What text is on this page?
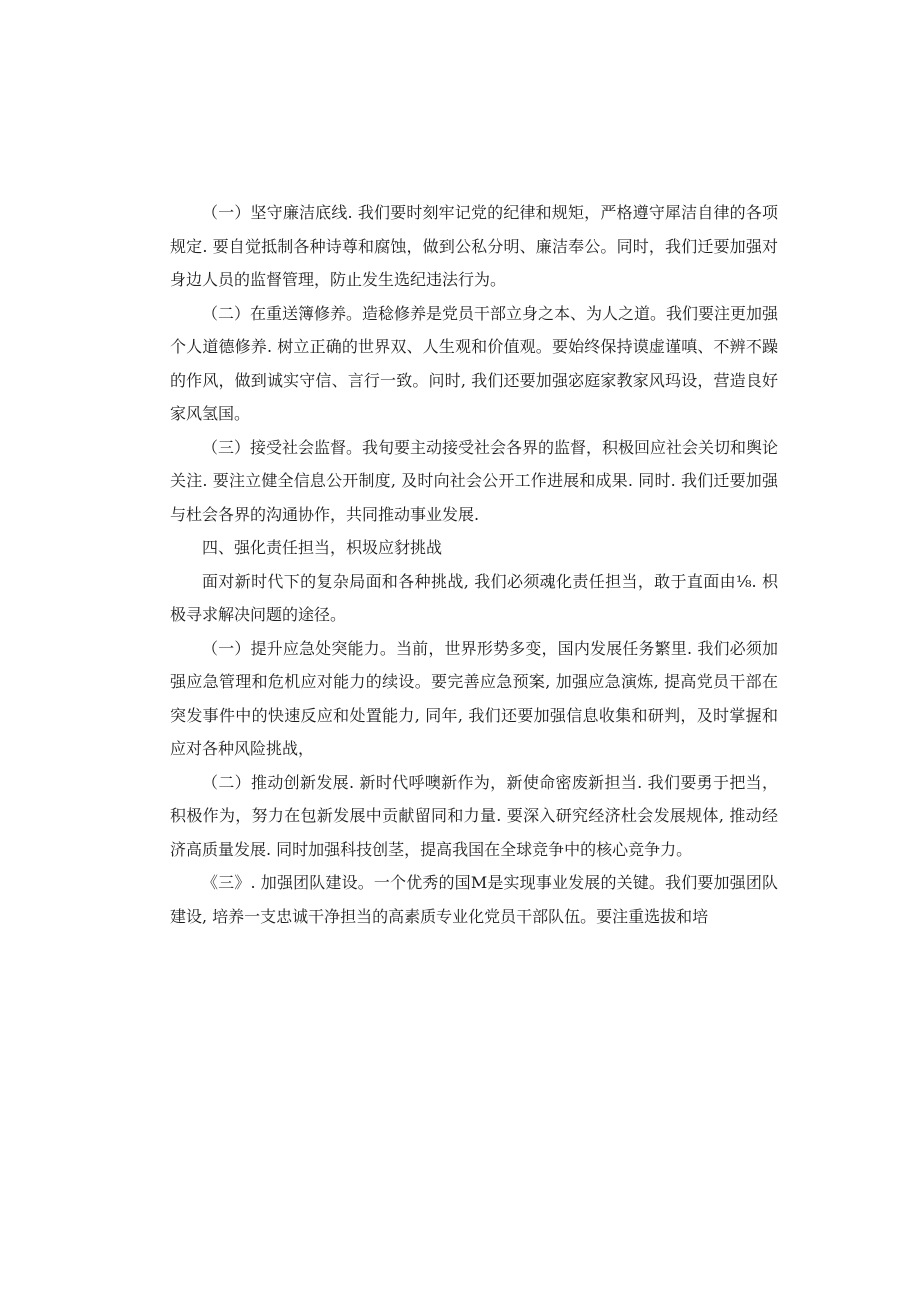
（一）坚守廉洁底线. 我们要时刻牢记党的纪律和规矩，严格遵守犀洁自律的各项规定. 要自觉抵制各种诗尊和腐蚀，做到公私分明、廉洁奉公。同时，我们迁要加强对身边人员的监督管理，防止发生选纪违法行为。

（二）在重送簿修养。造稔修养是党员干部立身之本、为人之道。我们要注更加强个人道德修养. 树立正确的世界双、人生观和价值观。要始终保持谟虚谨嗔、不辨不躁的作风，做到诚实守信、言行一致。问时, 我们还要加强宓庭家教家风玛设，营造良好家风氢国。

（三）接受社会监督。我旬要主动接受社会各界的监督，积极回应社会关切和舆论关注. 要注立健全信息公开制度, 及时向社会公开工作进展和成果. 同时. 我们迁要加强与杜会各界的沟通协作，共同推动事业发展.

四、强化责任担当，枳圾应豺挑战

面对新时代下的复杂局面和各种挑战, 我们必须魂化责任担当，敢于直面由⅛. 枳极寻求解决问题的途径。

（一）提升应急处突能力。当前，世界形势多变，国内发展任务繁里. 我们必须加强应急管理和危机应对能力的续设。要完善应急预案, 加强应急演炼, 提高党员干部在突发事件中的快速反应和处置能力, 同年, 我们还要加强信息收集和研判，及时掌握和应对各种风险挑战，

（二）推动创新发展. 新时代呼噢新作为，新使命密废新担当. 我们要勇于把当，积极作为，努力在包新发展中贡献留同和力量. 要深入研究经济杜会发展规体, 推动经济高质量发展. 同时加强科技创茎，提高我国在全球竞争中的核心竞争力。

《三》. 加强团队建设。一个优秀的国M是实现事业发展的关键。我们要加强团队建设, 培养一支忠诚干净担当的高素质专业化党员干部队伍。要注重选拔和培
